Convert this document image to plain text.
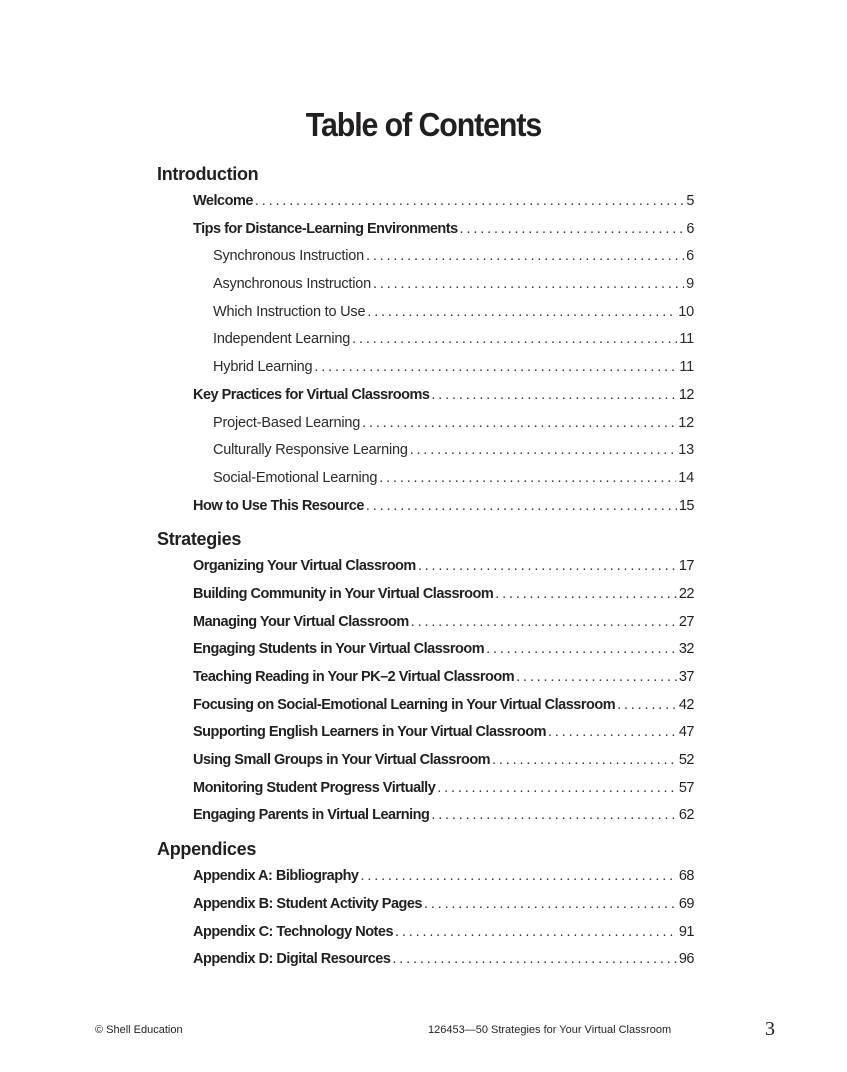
Table of Contents
Introduction
Welcome . . .	5
Tips for Distance-Learning Environments . . .	6
Synchronous Instruction . . .	6
Asynchronous Instruction . . .	9
Which Instruction to Use . . .	10
Independent Learning . . .	11
Hybrid Learning . . .	11
Key Practices for Virtual Classrooms . . .	12
Project-Based Learning . . .	12
Culturally Responsive Learning . . .	13
Social-Emotional Learning . . .	14
How to Use This Resource . . .	15
Strategies
Organizing Your Virtual Classroom . . .	17
Building Community in Your Virtual Classroom . . .	22
Managing Your Virtual Classroom . . .	27
Engaging Students in Your Virtual Classroom . . .	32
Teaching Reading in Your PK–2 Virtual Classroom . . .	37
Focusing on Social-Emotional Learning in Your Virtual Classroom . . .	42
Supporting English Learners in Your Virtual Classroom . . .	47
Using Small Groups in Your Virtual Classroom . . .	52
Monitoring Student Progress Virtually . . .	57
Engaging Parents in Virtual Learning . . .	62
Appendices
Appendix A: Bibliography . . .	68
Appendix B: Student Activity Pages . . .	69
Appendix C: Technology Notes . . .	91
Appendix D: Digital Resources . . .	96
© Shell Education	126453—50 Strategies for Your Virtual Classroom	3
